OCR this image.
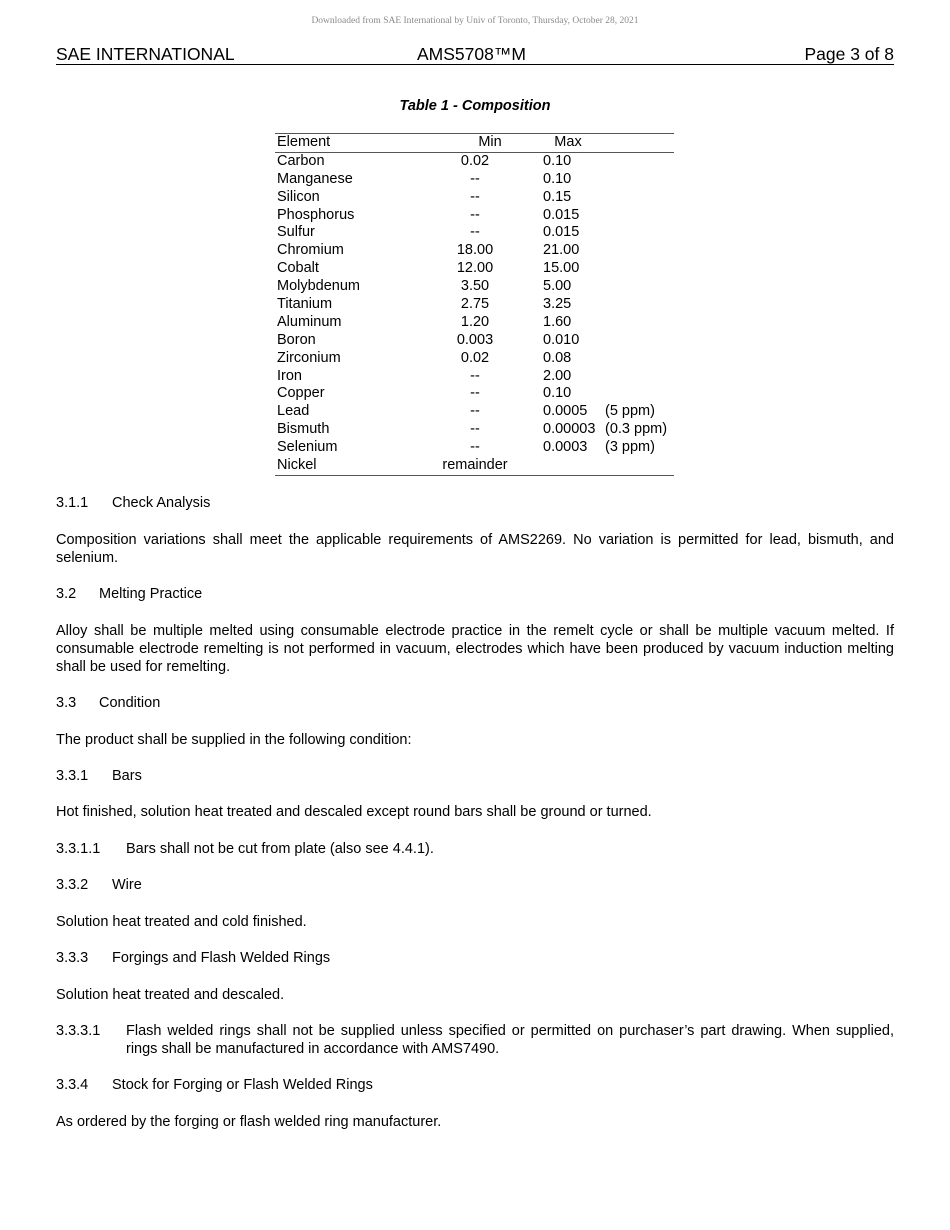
Downloaded from SAE International by Univ of Toronto, Thursday, October 28, 2021
SAE INTERNATIONAL	AMS5708™M	Page 3 of 8
Table 1 - Composition
Element	Min	Max
Carbon	0.02	0.10
Manganese	--	0.10
Silicon	--	0.15
Phosphorus	--	0.015
Sulfur	--	0.015
Chromium	18.00	21.00
Cobalt	12.00	15.00
Molybdenum	3.50	5.00
Titanium	2.75	3.25
Aluminum	1.20	1.60
Boron	0.003	0.010
Zirconium	0.02	0.08
Iron	--	2.00
Copper	--	0.10
Lead	--	0.0005 (5 ppm)
Bismuth	--	0.00003 (0.3 ppm)
Selenium	--	0.0003 (3 ppm)
Nickel	remainder
3.1.1 Check Analysis
Composition variations shall meet the applicable requirements of AMS2269. No variation is permitted for lead, bismuth, and selenium.
3.2 Melting Practice
Alloy shall be multiple melted using consumable electrode practice in the remelt cycle or shall be multiple vacuum melted. If consumable electrode remelting is not performed in vacuum, electrodes which have been produced by vacuum induction melting shall be used for remelting.
3.3 Condition
The product shall be supplied in the following condition:
3.3.1 Bars
Hot finished, solution heat treated and descaled except round bars shall be ground or turned.
3.3.1.1 Bars shall not be cut from plate (also see 4.4.1).
3.3.2 Wire
Solution heat treated and cold finished.
3.3.3 Forgings and Flash Welded Rings
Solution heat treated and descaled.
3.3.3.1 Flash welded rings shall not be supplied unless specified or permitted on purchaser’s part drawing. When supplied, rings shall be manufactured in accordance with AMS7490.
3.3.4 Stock for Forging or Flash Welded Rings
As ordered by the forging or flash welded ring manufacturer.
